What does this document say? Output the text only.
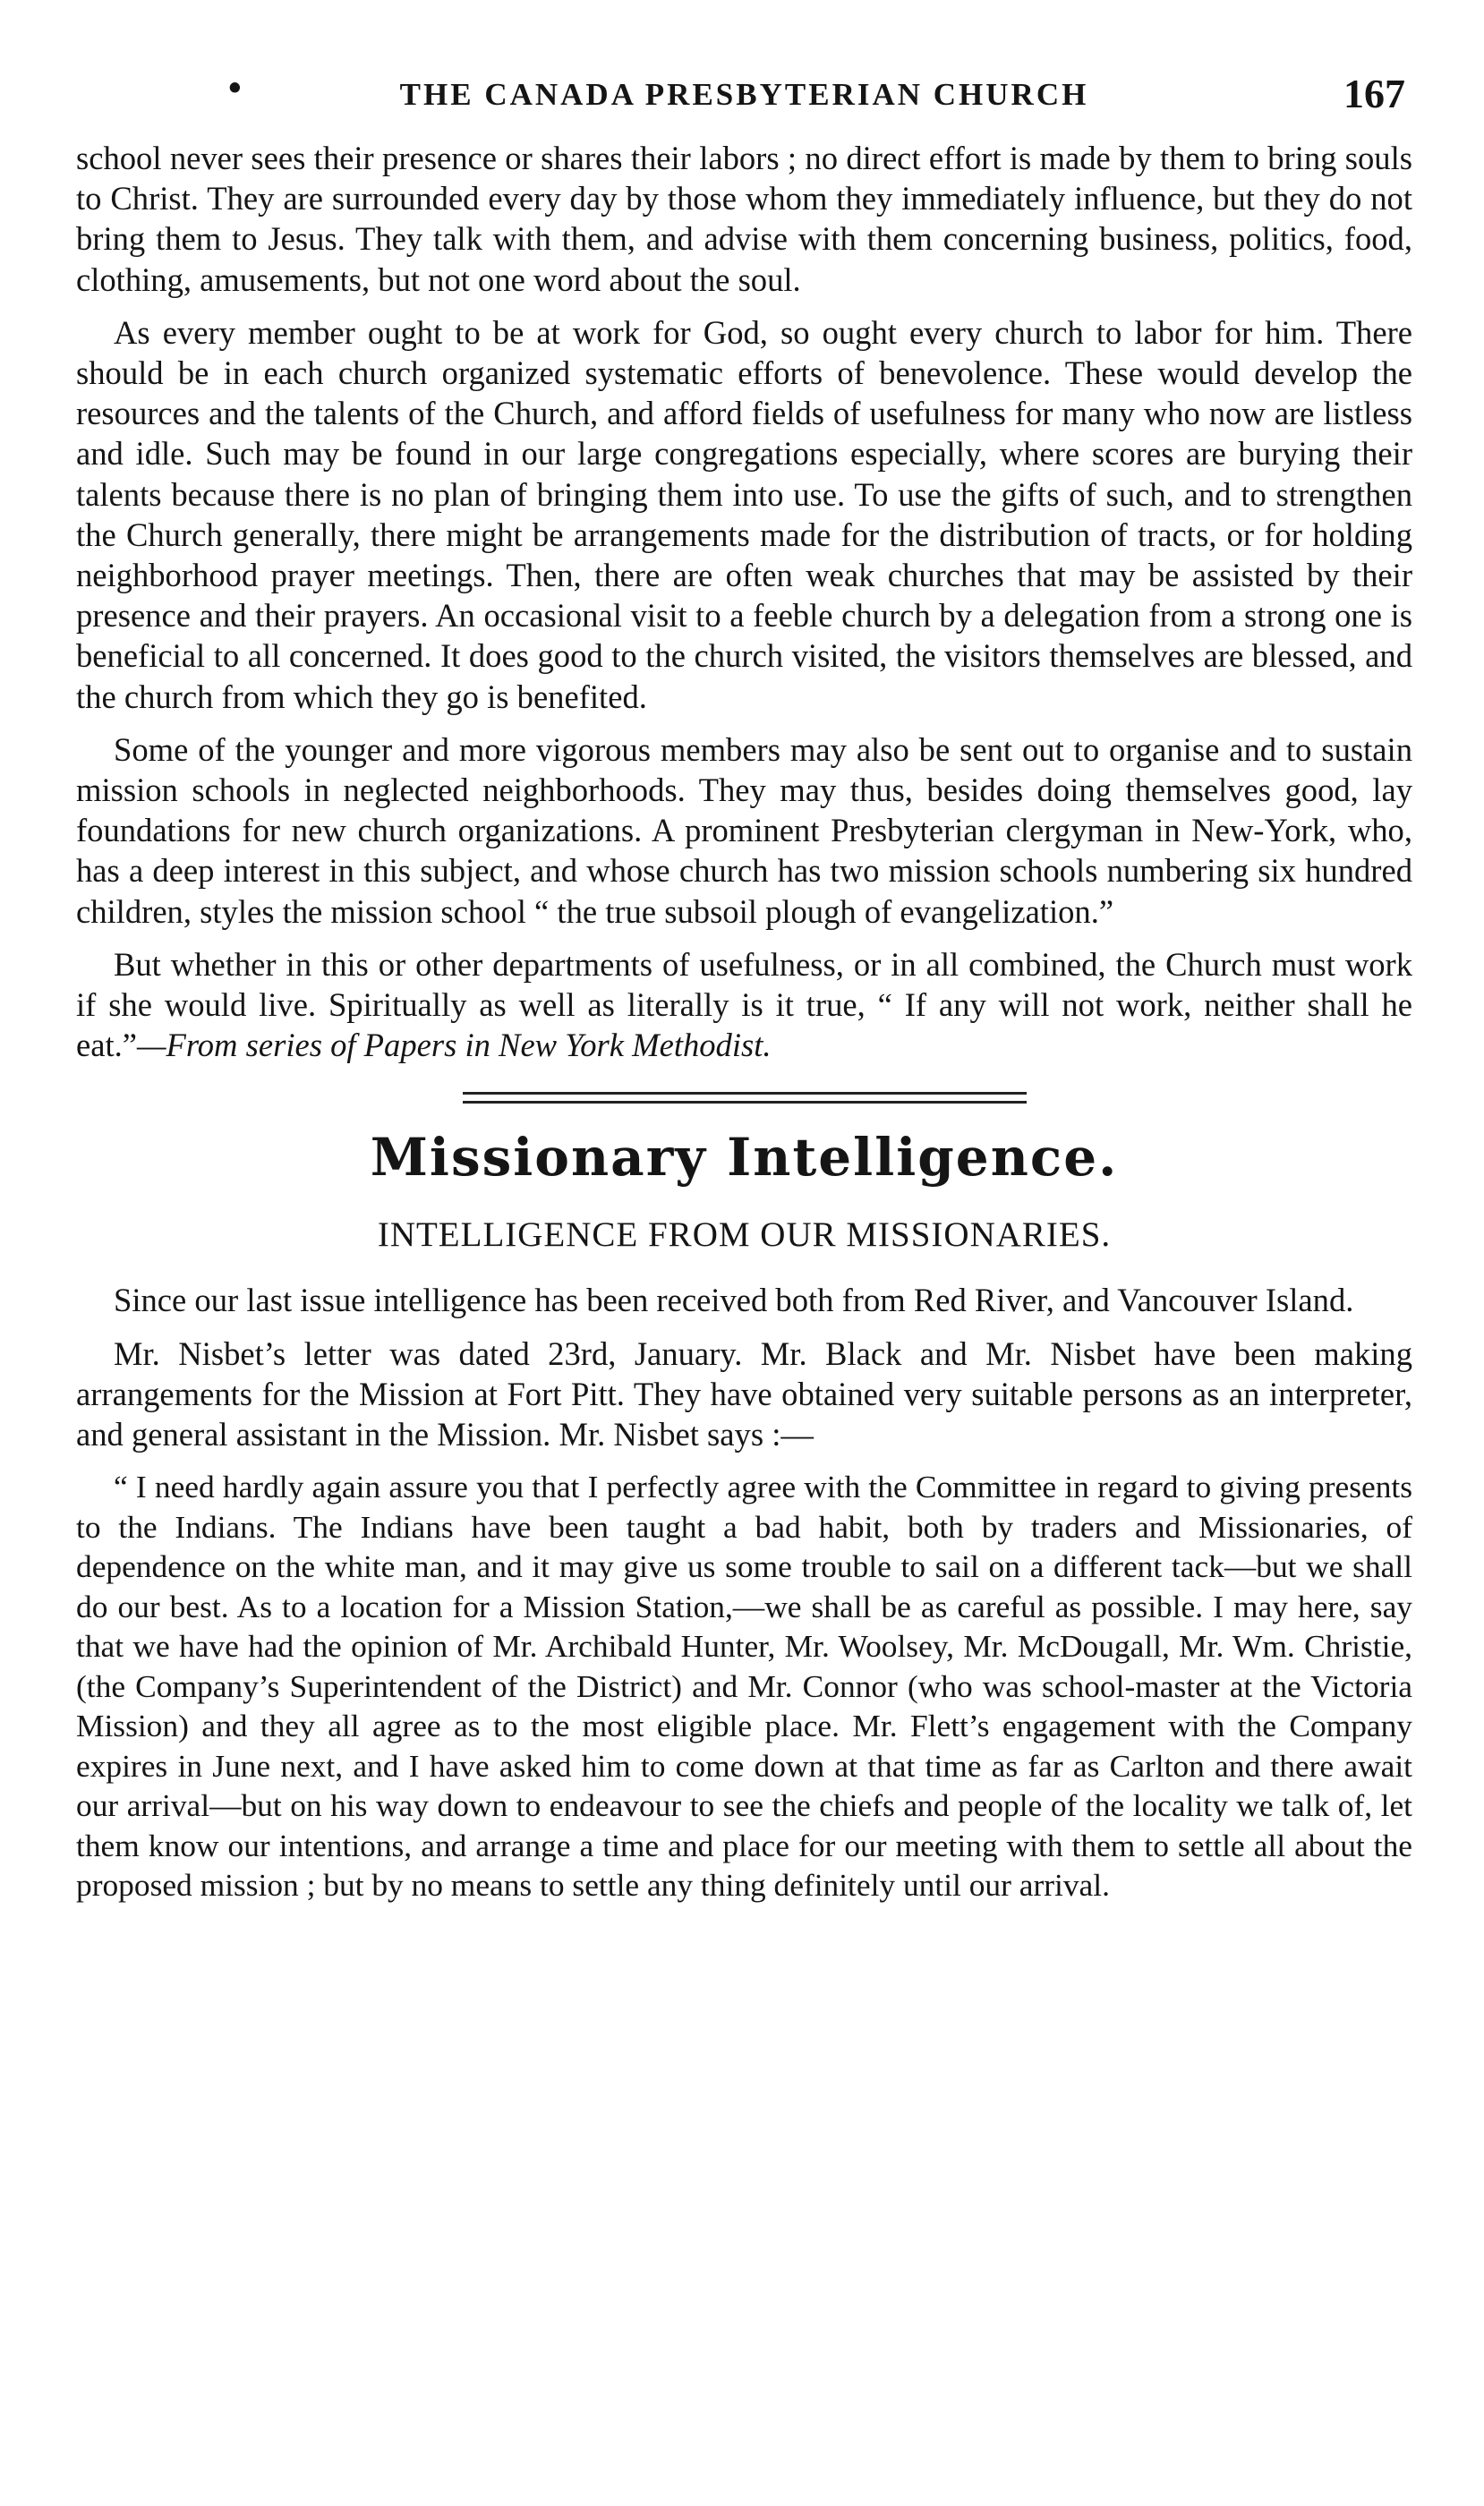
•	THE CANADA PRESBYTERIAN CHURCH	167

school never sees their presence or shares their labors ; no direct effort is made by them to bring souls to Christ. They are surrounded every day by those whom they immediately influence, but they do not bring them to Jesus. They talk with them, and advise with them concerning business, politics, food, clothing, amusements, but not one word about the soul.

As every member ought to be at work for God, so ought every church to labor for him. There should be in each church organized systematic efforts of benevolence. These would develop the resources and the talents of the Church, and afford fields of usefulness for many who now are listless and idle. Such may be found in our large congregations especially, where scores are burying their talents because there is no plan of bringing them into use. To use the gifts of such, and to strengthen the Church generally, there might be arrangements made for the distribution of tracts, or for holding neighborhood prayer meetings. Then, there are often weak churches that may be assisted by their presence and their prayers. An occasional visit to a feeble church by a delegation from a strong one is beneficial to all concerned. It does good to the church visited, the visitors themselves are blessed, and the church from which they go is benefited.

Some of the younger and more vigorous members may also be sent out to organise and to sustain mission schools in neglected neighborhoods. They may thus, besides doing themselves good, lay foundations for new church organizations. A prominent Presbyterian clergyman in New-York, who, has a deep interest in this subject, and whose church has two mission schools numbering six hundred children, styles the mission school “ the true subsoil plough of evangelization.”

But whether in this or other departments of usefulness, or in all combined, the Church must work if she would live. Spiritually as well as literally is it true, “ If any will not work, neither shall he eat.”—From series of Papers in New York Methodist.

Missionary Intelligence.
INTELLIGENCE FROM OUR MISSIONARIES.

Since our last issue intelligence has been received both from Red River, and Vancouver Island.

Mr. Nisbet’s letter was dated 23rd, January. Mr. Black and Mr. Nisbet have been making arrangements for the Mission at Fort Pitt. They have obtained very suitable persons as an interpreter, and general assistant in the Mission. Mr. Nisbet says :—

“ I need hardly again assure you that I perfectly agree with the Committee in regard to giving presents to the Indians. The Indians have been taught a bad habit, both by traders and Missionaries, of dependence on the white man, and it may give us some trouble to sail on a different tack—but we shall do our best. As to a location for a Mission Station,—we shall be as careful as possible. I may here, say that we have had the opinion of Mr. Archibald Hunter, Mr. Woolsey, Mr. McDougall, Mr. Wm. Christie, (the Company’s Superintendent of the District) and Mr. Connor (who was school-master at the Victoria Mission) and they all agree as to the most eligible place. Mr. Flett’s engagement with the Company expires in June next, and I have asked him to come down at that time as far as Carlton and there await our arrival—but on his way down to endeavour to see the chiefs and people of the locality we talk of, let them know our intentions, and arrange a time and place for our meeting with them to settle all about the proposed mission ; but by no means to settle any thing definitely until our arrival.
